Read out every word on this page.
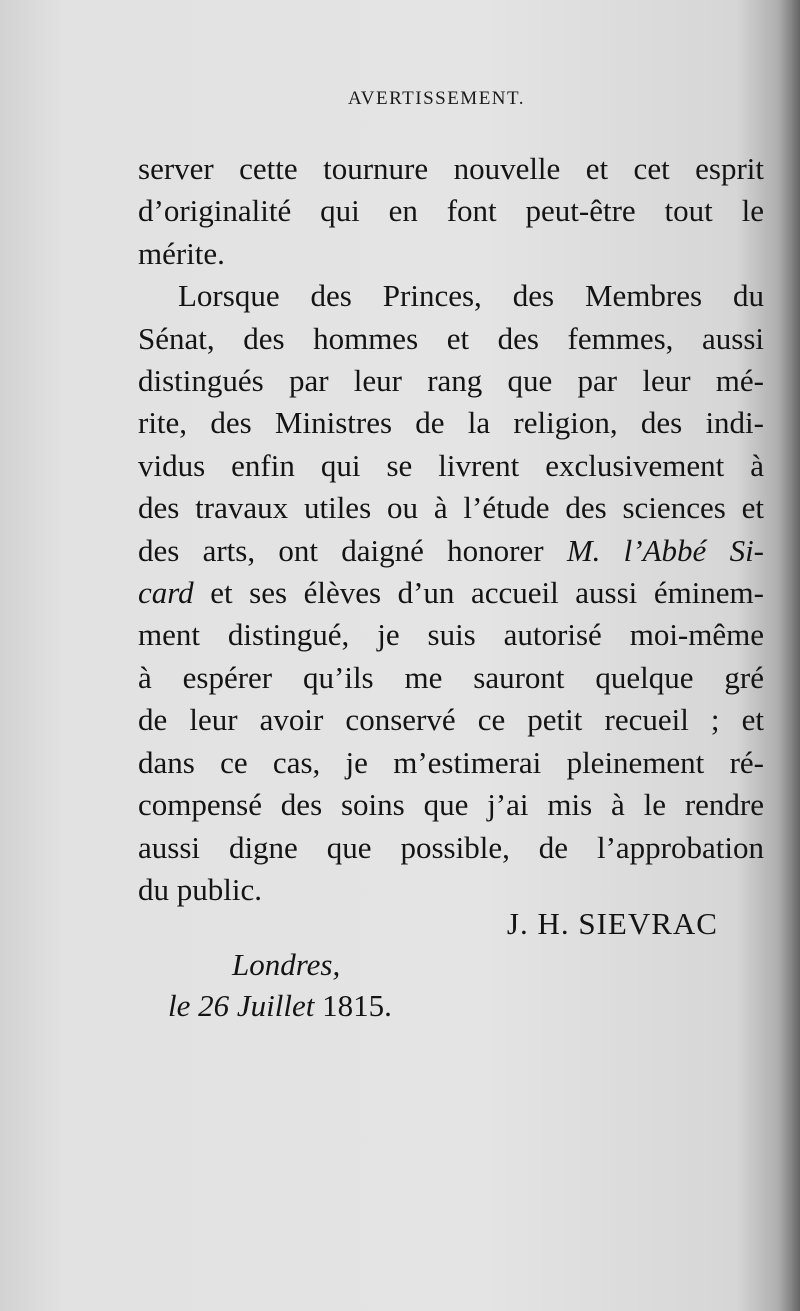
AVERTISSEMENT.
server cette tournure nouvelle et cet esprit
d’originalité qui en font peut-être tout le
mérite.
Lorsque des Princes, des Membres du
Sénat, des hommes et des femmes, aussi
distingués par leur rang que par leur mé-
rite, des Ministres de la religion, des indi-
vidus enfin qui se livrent exclusivement à
des travaux utiles ou à l’étude des sciences et
des arts, ont daigné honorer M. l’Abbé Si-
card et ses élèves d’un accueil aussi éminem-
ment distingué, je suis autorisé moi-même
à espérer qu’ils me sauront quelque gré
de leur avoir conservé ce petit recueil ; et
dans ce cas, je m’estimerai pleinement ré-
compensé des soins que j’ai mis à le rendre
aussi digne que possible, de l’approbation
du public.
J. H. SIEVRAC
Londres,
le 26 Juillet 1815.
